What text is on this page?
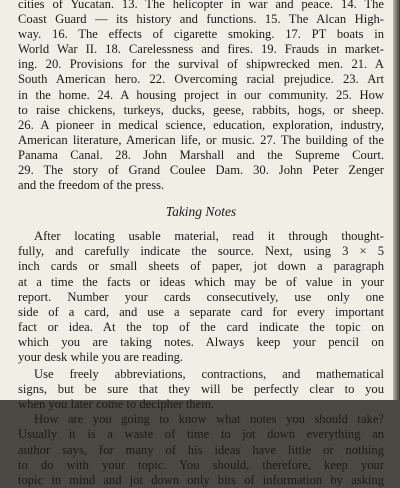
cities of Yucatan. 13. The helicopter in war and peace. 14. The
Coast Guard — its history and functions. 15. The Alcan High-
way. 16. The effects of cigarette smoking. 17. PT boats in
World War II. 18. Carelessness and fires. 19. Frauds in market-
ing. 20. Provisions for the survival of shipwrecked men. 21. A
South American hero. 22. Overcoming racial prejudice. 23. Art
in the home. 24. A housing project in our community. 25. How
to raise chickens, turkeys, ducks, geese, rabbits, hogs, or sheep.
26. A pioneer in medical science, education, exploration, industry,
American literature, American life, or music. 27. The building of the
Panama Canal. 28. John Marshall and the Supreme Court.
29. The story of Grand Coulee Dam. 30. John Peter Zenger
and the freedom of the press.
Taking Notes
After locating usable material, read it through thought-
fully, and carefully indicate the source. Next, using 3 × 5
inch cards or small sheets of paper, jot down a paragraph
at a time the facts or ideas which may be of value in your
report. Number your cards consecutively, use only one
side of a card, and use a separate card for every important
fact or idea. At the top of the card indicate the topic on
which you are taking notes. Always keep your pencil on
your desk while you are reading.
Use freely abbreviations, contractions, and mathematical
signs, but be sure that they will be perfectly clear to you
when you later come to decipher them.
How are you going to know what notes you should take?
Usually it is a waste of time to jot down everything an
author says, for many of his ideas have little or nothing
to do with your topic. You should, therefore, keep your
topic in mind and jot down only bits of information by asking
